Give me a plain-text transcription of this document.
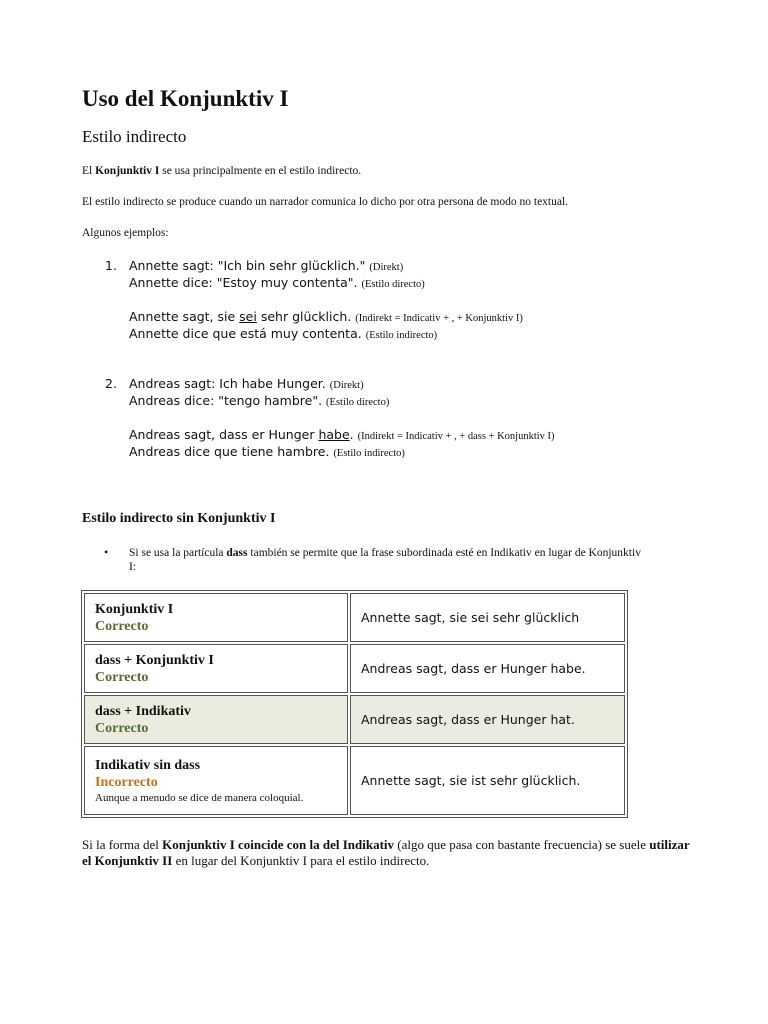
Uso del Konjunktiv I
Estilo indirecto
El Konjunktiv I se usa principalmente en el estilo indirecto.
El estilo indirecto se produce cuando un narrador comunica lo dicho por otra persona de modo no textual.
Algunos ejemplos:
1. Annette sagt: "Ich bin sehr glücklich." (Direkt)
Annette dice: "Estoy muy contenta". (Estilo directo)
Annette sagt, sie sei sehr glücklich. (Indirekt = Indicativ + , + Konjunktiv I)
Annette dice que está muy contenta. (Estilo indirecto)
2. Andreas sagt: Ich habe Hunger. (Direkt)
Andreas dice: "tengo hambre". (Estilo directo)
Andreas sagt, dass er Hunger habe. (Indirekt = Indicativ + , + dass + Konjunktiv I)
Andreas dice que tiene hambre. (Estilo indirecto)
Estilo indirecto sin Konjunktiv I
• Si se usa la partícula dass también se permite que la frase subordinada esté en Indikativ en lugar de Konjunktiv I:
Konjunktiv I
Correcto	Annette sagt, sie sei sehr glücklich

dass + Konjunktiv I
Correcto	Andreas sagt, dass er Hunger habe.

dass + Indikativ
Correcto	Andreas sagt, dass er Hunger hat.

Indikativ sin dass
Incorrecto
Aunque a menudo se dice de manera coloquial.	Annette sagt, sie ist sehr glücklich.
Si la forma del Konjunktiv I coincide con la del Indikativ (algo que pasa con bastante frecuencia) se suele utilizar el Konjunktiv II en lugar del Konjunktiv I para el estilo indirecto.
